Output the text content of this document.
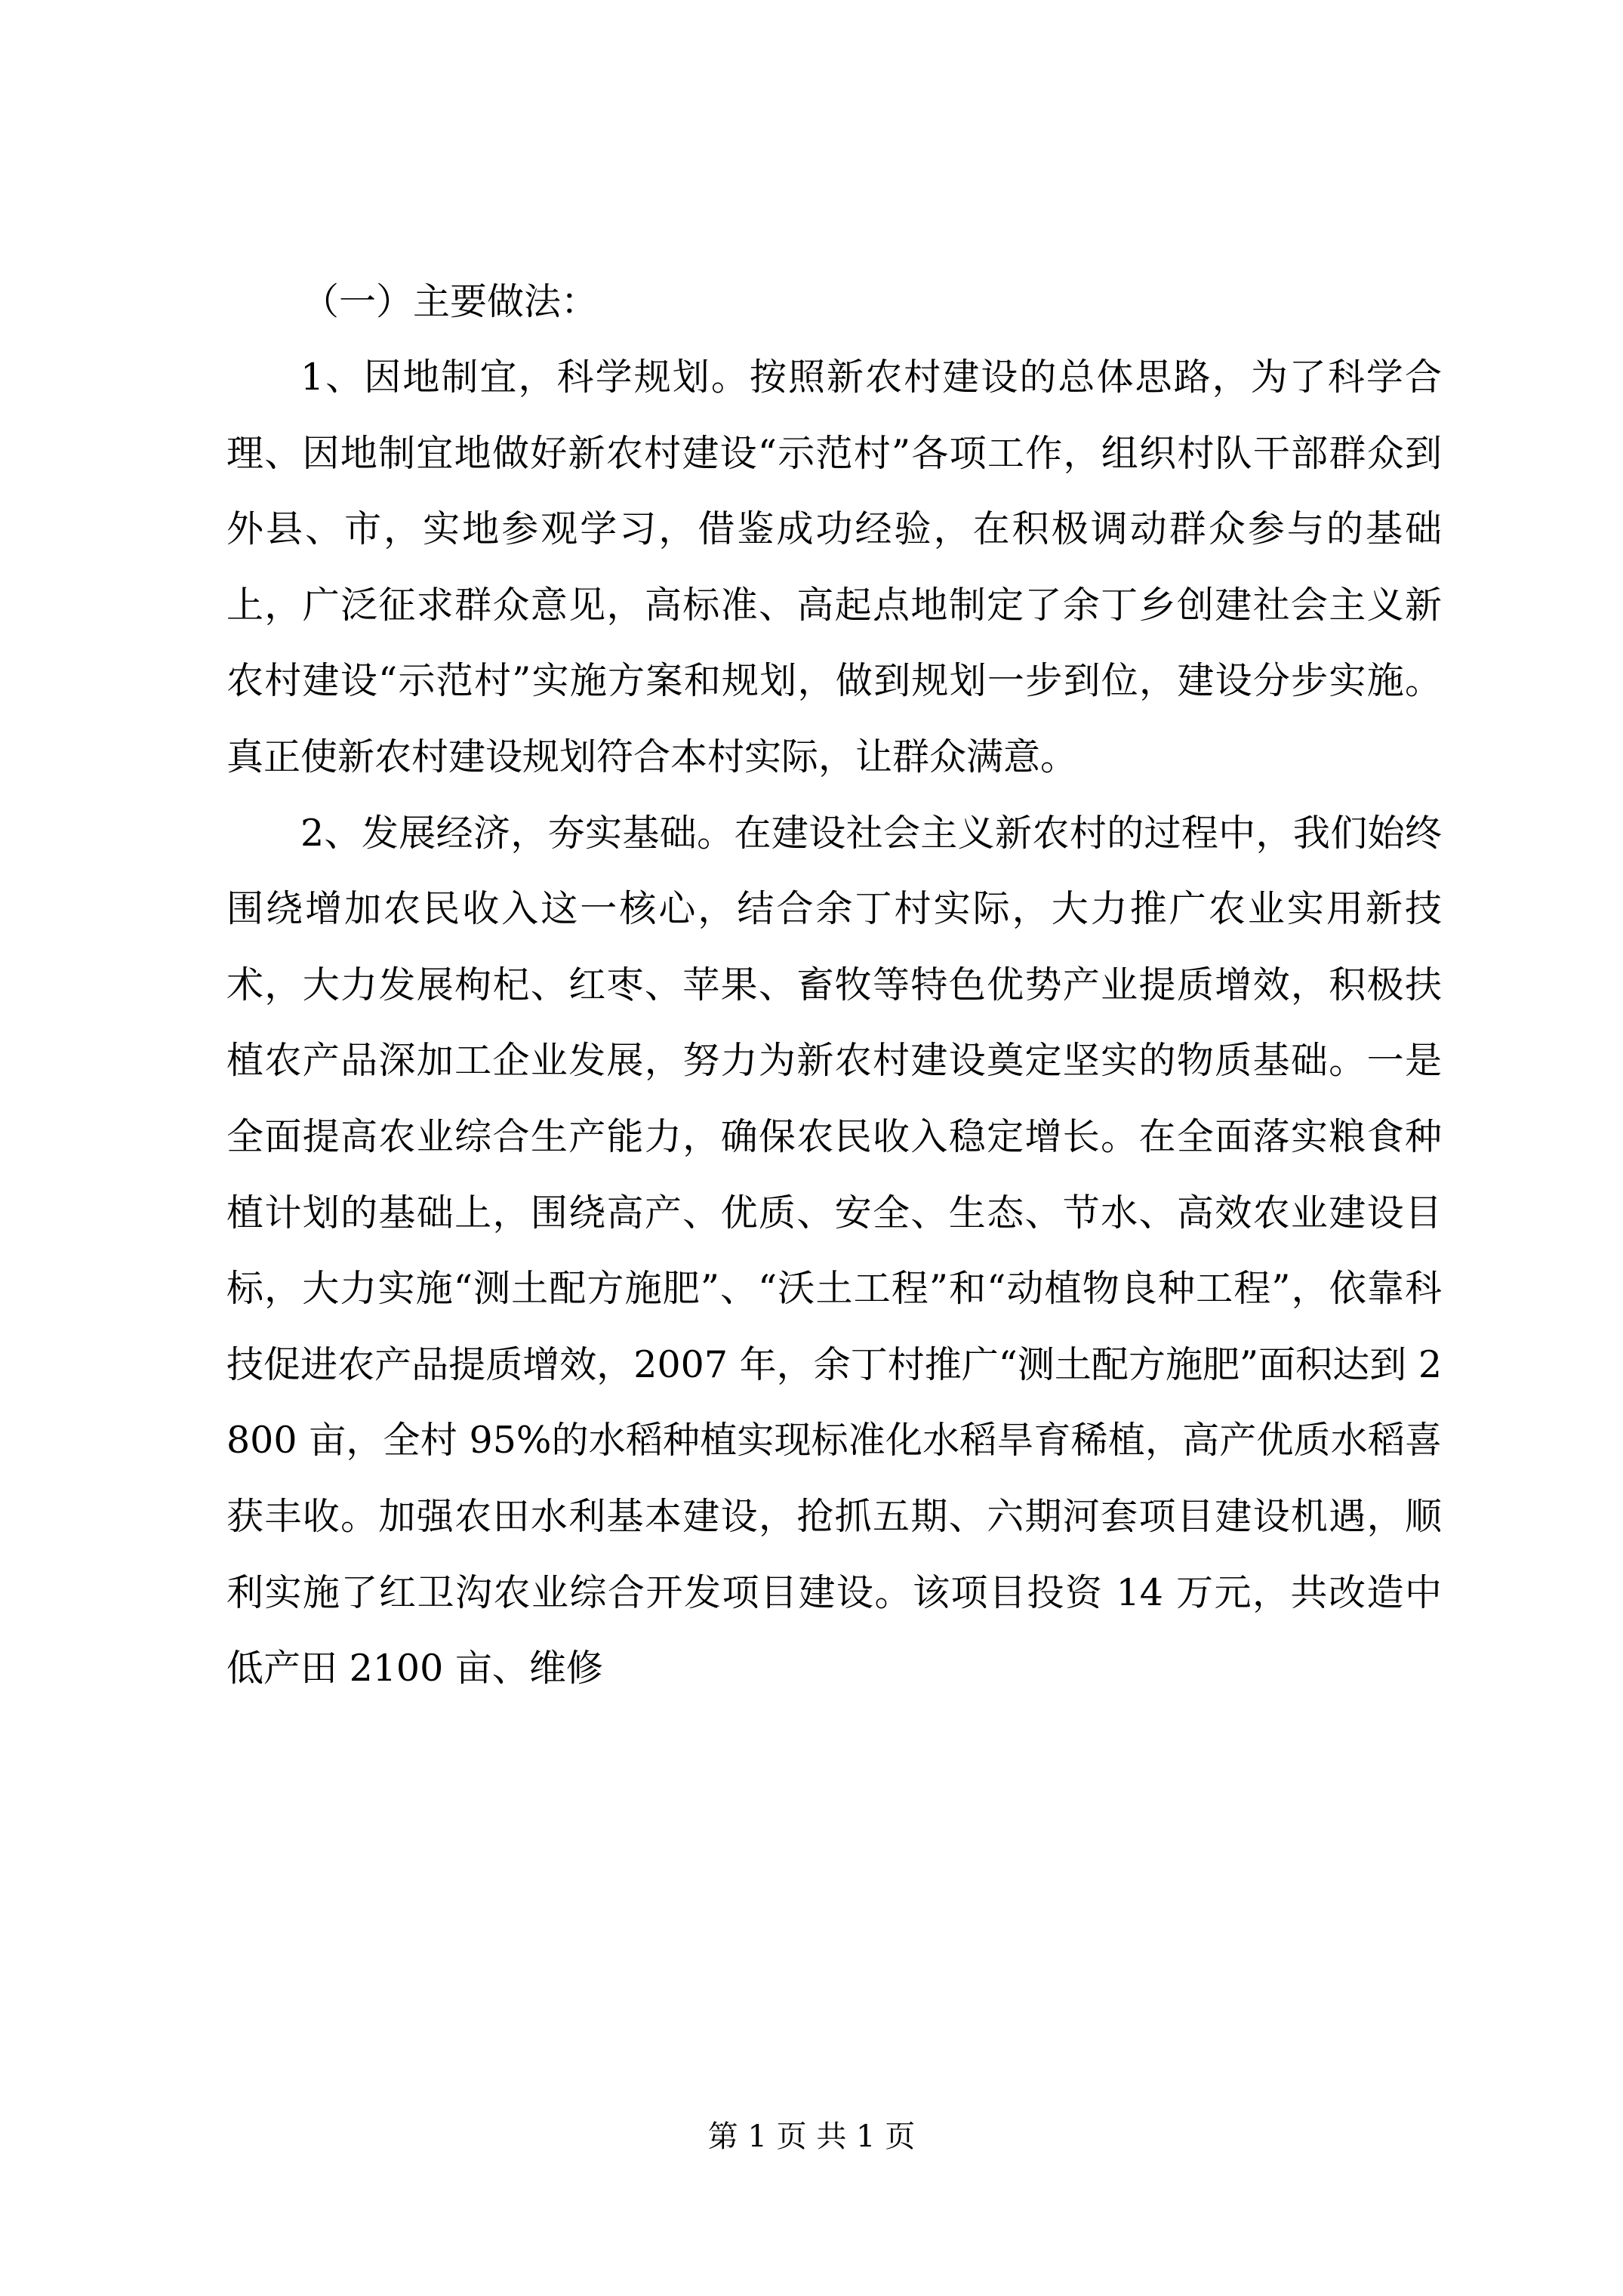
（一）主要做法：

1、因地制宜，科学规划。按照新农村建设的总体思路，为了科学合理、因地制宜地做好新农村建设“示范村”各项工作，组织村队干部群众到外县、市，实地参观学习，借鉴成功经验，在积极调动群众参与的基础上，广泛征求群众意见，高标准、高起点地制定了余丁乡创建社会主义新农村建设“示范村”实施方案和规划，做到规划一步到位，建设分步实施。真正使新农村建设规划符合本村实际，让群众满意。

2、发展经济，夯实基础。在建设社会主义新农村的过程中，我们始终围绕增加农民收入这一核心，结合余丁村实际，大力推广农业实用新技术，大力发展枸杞、红枣、苹果、畜牧等特色优势产业提质增效，积极扶植农产品深加工企业发展，努力为新农村建设奠定坚实的物质基础。一是全面提高农业综合生产能力，确保农民收入稳定增长。在全面落实粮食种植计划的基础上，围绕高产、优质、安全、生态、节水、高效农业建设目标，大力实施“测土配方施肥”、“沃土工程”和“动植物良种工程”，依靠科技促进农产品提质增效，2007 年，余丁村推广“测土配方施肥”面积达到 2800 亩，全村 95%的水稻种植实现标准化水稻旱育稀植，高产优质水稻喜获丰收。加强农田水利基本建设，抢抓五期、六期河套项目建设机遇，顺利实施了红卫沟农业综合开发项目建设。该项目投资 14 万元，共改造中低产田 2100 亩、维修

第 1 页 共 1 页
